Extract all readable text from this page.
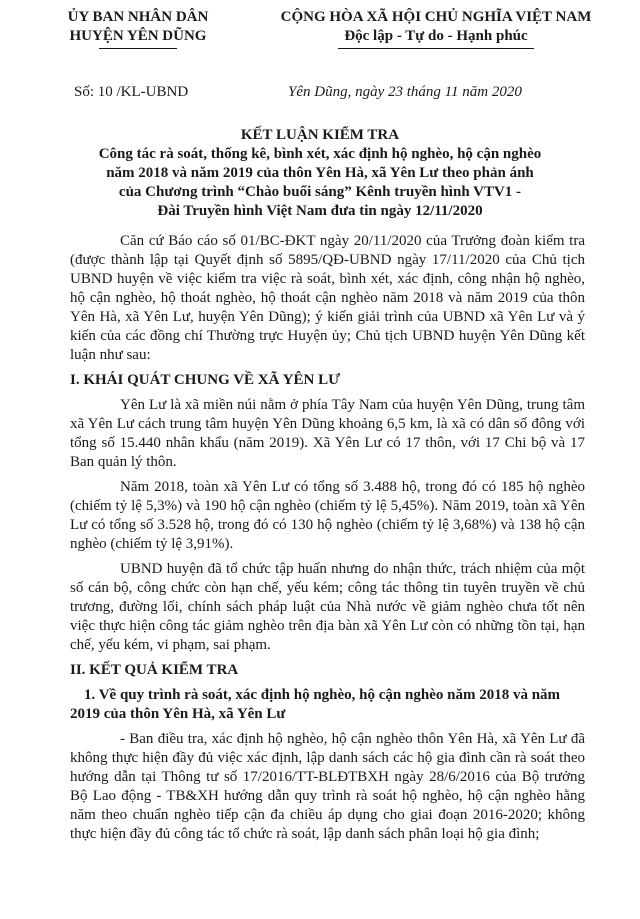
ỦY BAN NHÂN DÂN
HUYỆN YÊN DŨNG
CỘNG HÒA XÃ HỘI CHỦ NGHĨA VIỆT NAM
Độc lập - Tự do - Hạnh phúc
Số: 10 /KL-UBND	Yên Dũng, ngày 23 tháng 11 năm 2020
KẾT LUẬN KIỂM TRA
Công tác rà soát, thống kê, bình xét, xác định hộ nghèo, hộ cận nghèo
năm 2018 và năm 2019 của thôn Yên Hà, xã Yên Lư theo phản ánh
của Chương trình “Chào buổi sáng” Kênh truyền hình VTV1 -
Đài Truyền hình Việt Nam đưa tin ngày 12/11/2020

Căn cứ Báo cáo số 01/BC-ĐKT ngày 20/11/2020 của Trưởng đoàn kiểm tra (được thành lập tại Quyết định số 5895/QĐ-UBND ngày 17/11/2020 của Chủ tịch UBND huyện về việc kiểm tra việc rà soát, bình xét, xác định, công nhận hộ nghèo, hộ cận nghèo, hộ thoát nghèo, hộ thoát cận nghèo năm 2018 và năm 2019 của thôn Yên Hà, xã Yên Lư, huyện Yên Dũng); ý kiến giải trình của UBND xã Yên Lư và ý kiến của các đồng chí Thường trực Huyện ủy; Chủ tịch UBND huyện Yên Dũng kết luận như sau:

I. KHÁI QUÁT CHUNG VỀ XÃ YÊN LƯ

Yên Lư là xã miền núi nằm ở phía Tây Nam của huyện Yên Dũng, trung tâm xã Yên Lư cách trung tâm huyện Yên Dũng khoảng 6,5 km, là xã có dân số đông với tổng số 15.440 nhân khẩu (năm 2019). Xã Yên Lư có 17 thôn, với 17 Chi bộ và 17 Ban quản lý thôn.

Năm 2018, toàn xã Yên Lư có tổng số 3.488 hộ, trong đó có 185 hộ nghèo (chiếm tỷ lệ 5,3%) và 190 hộ cận nghèo (chiếm tỷ lệ 5,45%). Năm 2019, toàn xã Yên Lư có tổng số 3.528 hộ, trong đó có 130 hộ nghèo (chiếm tỷ lệ 3,68%) và 138 hộ cận nghèo (chiếm tỷ lệ 3,91%).

UBND huyện đã tổ chức tập huấn nhưng do nhận thức, trách nhiệm của một số cán bộ, công chức còn hạn chế, yếu kém; công tác thông tin tuyên truyền về chủ trương, đường lối, chính sách pháp luật của Nhà nước về giảm nghèo chưa tốt nên việc thực hiện công tác giảm nghèo trên địa bàn xã Yên Lư còn có những tồn tại, hạn chế, yếu kém, vi phạm, sai phạm.

II. KẾT QUẢ KIỂM TRA
1. Về quy trình rà soát, xác định hộ nghèo, hộ cận nghèo năm 2018 và năm 2019 của thôn Yên Hà, xã Yên Lư

- Ban điều tra, xác định hộ nghèo, hộ cận nghèo thôn Yên Hà, xã Yên Lư đã không thực hiện đầy đủ việc xác định, lập danh sách các hộ gia đình cần rà soát theo hướng dẫn tại Thông tư số 17/2016/TT-BLĐTBXH ngày 28/6/2016 của Bộ trưởng Bộ Lao động - TB&XH hướng dẫn quy trình rà soát hộ nghèo, hộ cận nghèo hằng năm theo chuẩn nghèo tiếp cận đa chiều áp dụng cho giai đoạn 2016-2020; không thực hiện đầy đủ công tác tổ chức rà soát, lập danh sách phân loại hộ gia đình;
